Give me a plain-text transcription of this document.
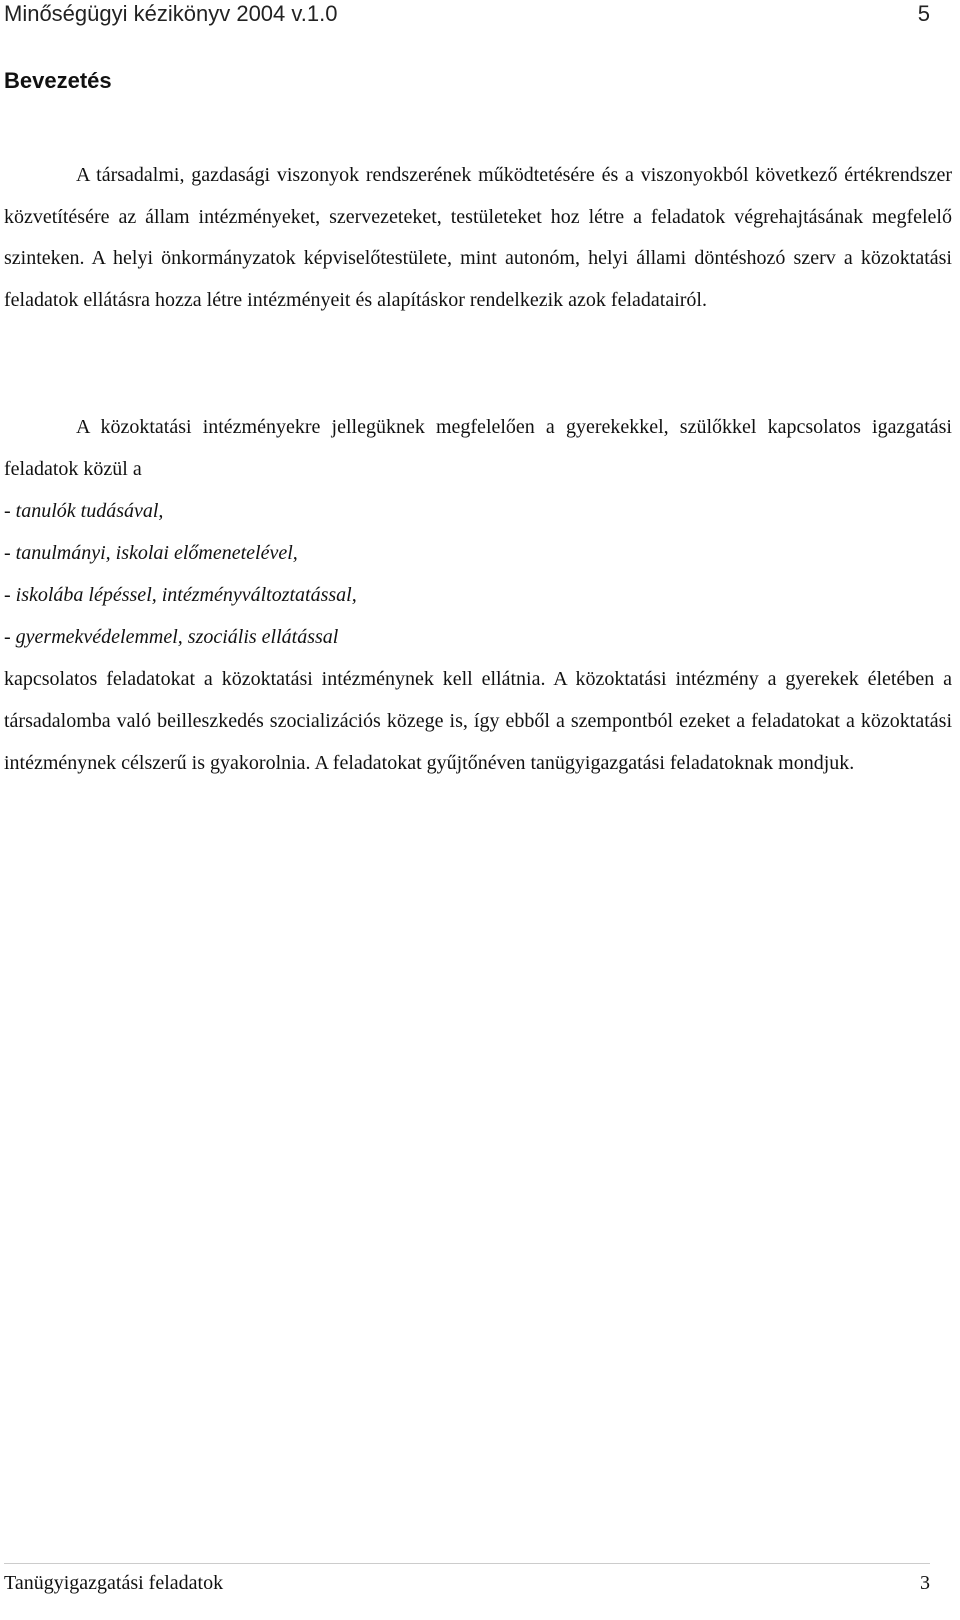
Minőségügyi kézikönyv 2004 v.1.0	5
Bevezetés

A társadalmi, gazdasági viszonyok rendszerének működtetésére és a viszonyokból következő értékrendszer közvetítésére az állam intézményeket, szervezeteket, testületeket hoz létre a feladatok végrehajtásának megfelelő szinteken. A helyi önkormányzatok képviselőtestülete, mint autonóm, helyi állami döntéshozó szerv a közoktatási feladatok ellátásra hozza létre intézményeit és alapításkor rendelkezik azok feladatairól.

A közoktatási intézményekre jellegüknek megfelelően a gyerekekkel, szülőkkel kapcsolatos igazgatási feladatok közül a

- tanulók tudásával,
- tanulmányi, iskolai előmenetelével,
- iskolába lépéssel, intézményváltoztatással,
- gyermekvédelemmel, szociális ellátással

kapcsolatos feladatokat a közoktatási intézménynek kell ellátnia. A közoktatási intézmény a gyerekek életében a társadalomba való beilleszkedés szocializációs közege is, így ebből a szempontból ezeket a feladatokat a közoktatási intézménynek célszerű is gyakorolnia. A feladatokat gyűjtőnéven tanügyigazgatási feladatoknak mondjuk.

Tanügyigazgatási feladatok	3
